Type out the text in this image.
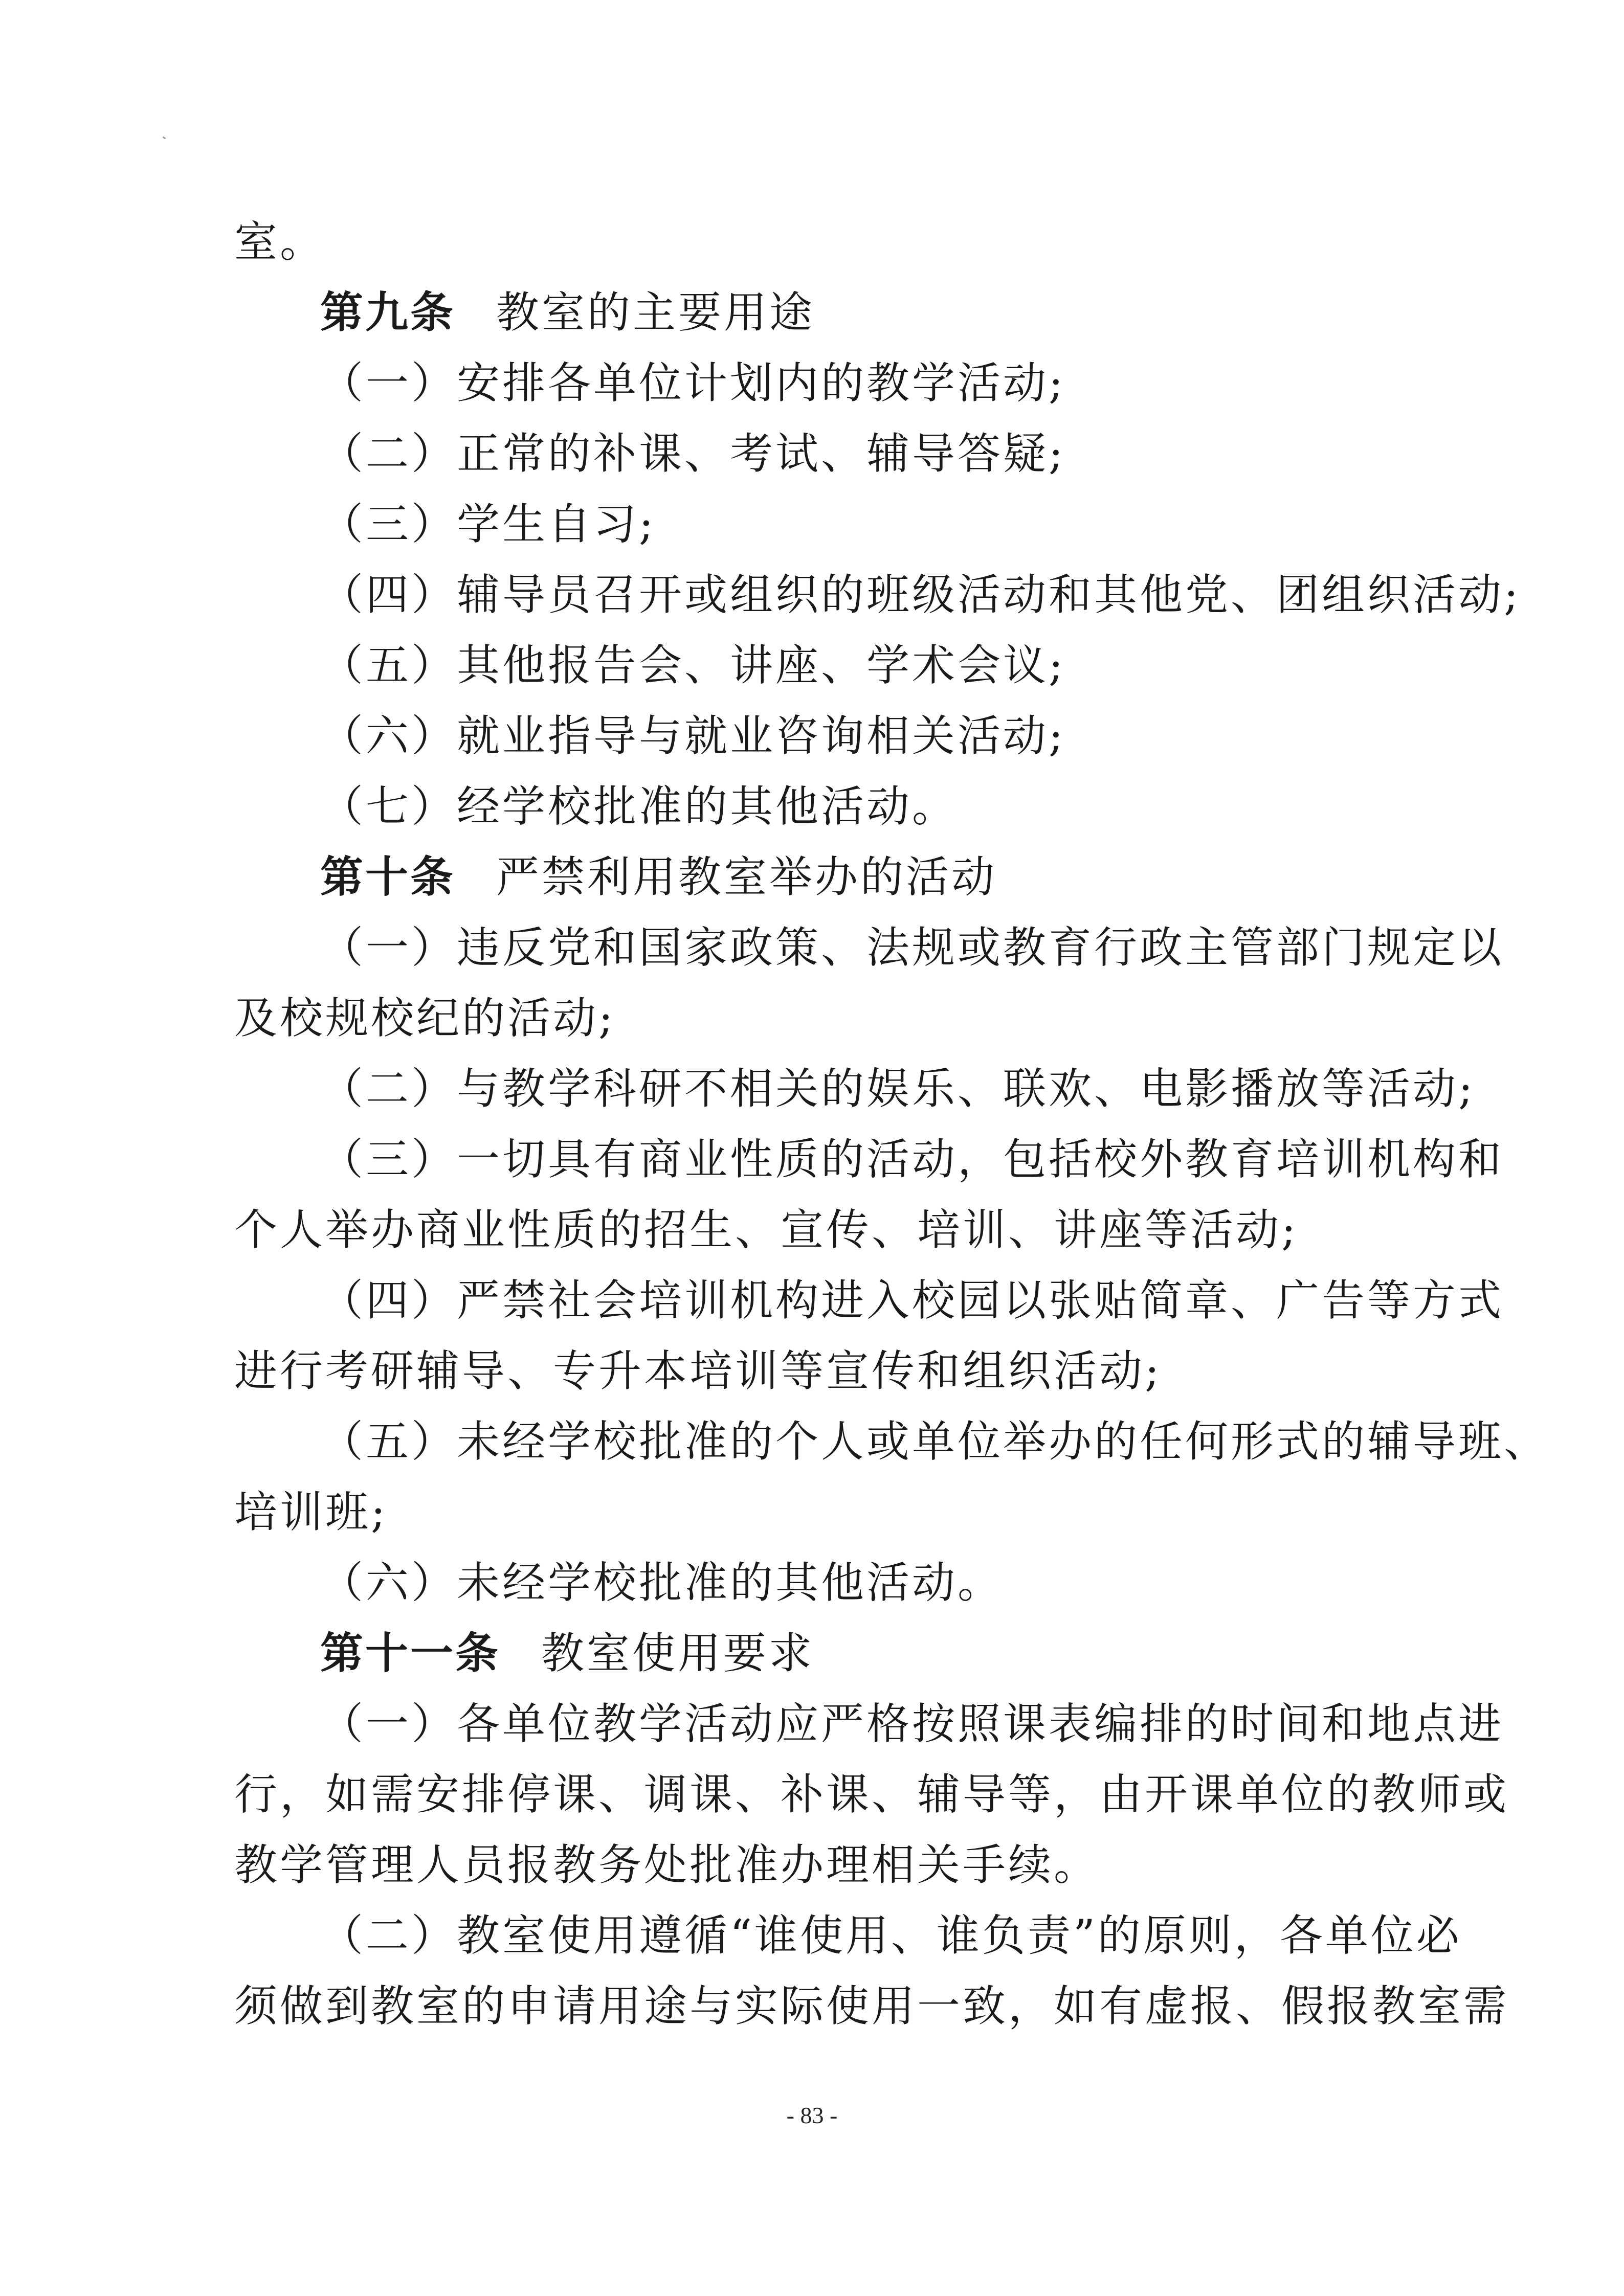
室。
第九条 教室的主要用途
（一）安排各单位计划内的教学活动;
（二）正常的补课、考试、辅导答疑;
（三）学生自习;
（四）辅导员召开或组织的班级活动和其他党、团组织活动;
（五）其他报告会、讲座、学术会议;
（六）就业指导与就业咨询相关活动;
（七）经学校批准的其他活动。
第十条 严禁利用教室举办的活动
（一）违反党和国家政策、法规或教育行政主管部门规定以
及校规校纪的活动;
（二）与教学科研不相关的娱乐、联欢、电影播放等活动;
（三）一切具有商业性质的活动，包括校外教育培训机构和
个人举办商业性质的招生、宣传、培训、讲座等活动;
（四）严禁社会培训机构进入校园以张贴简章、广告等方式
进行考研辅导、专升本培训等宣传和组织活动;
（五）未经学校批准的个人或单位举办的任何形式的辅导班、
培训班;
（六）未经学校批准的其他活动。
第十一条 教室使用要求
（一）各单位教学活动应严格按照课表编排的时间和地点进
行，如需安排停课、调课、补课、辅导等，由开课单位的教师或
教学管理人员报教务处批准办理相关手续。
（二）教室使用遵循“谁使用、谁负责”的原则，各单位必
须做到教室的申请用途与实际使用一致，如有虚报、假报教室需
- 83 -
